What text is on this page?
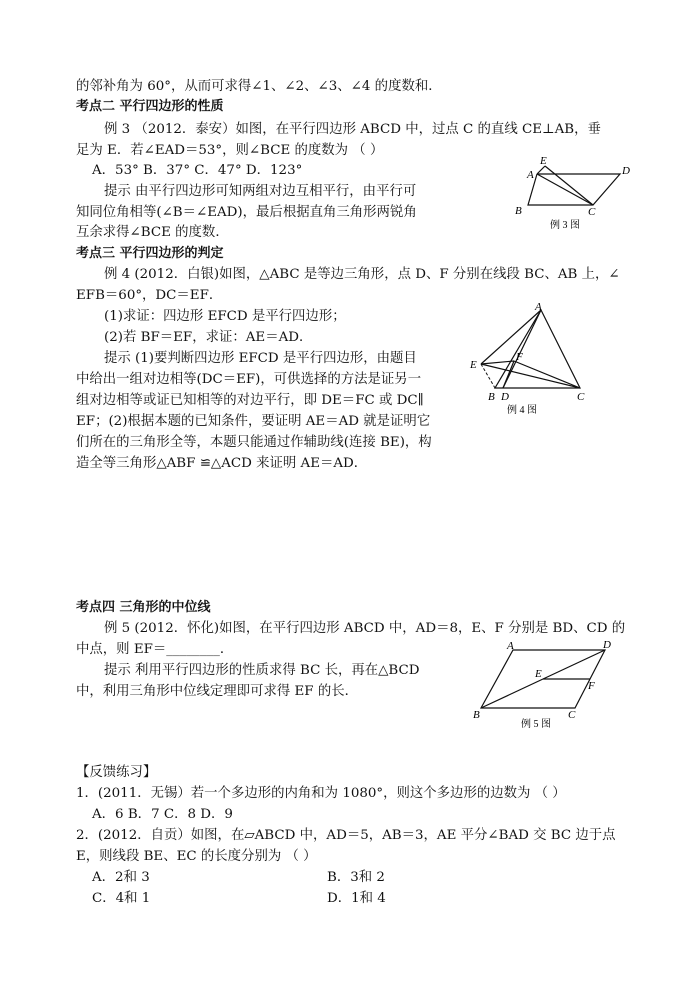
的邻补角为 60°，从而可求得∠1、∠2、∠3、∠4 的度数和．
考点二 平行四边形的性质
例 3 （2012．泰安）如图，在平行四边形 ABCD 中，过点 C 的直线 CE⊥AB，垂
足为 E．若∠EAD＝53°，则∠BCE 的度数为 （ ）
A．53° B．37° C．47° D．123°
提示 由平行四边形可知两组对边互相平行，由平行可
知同位角相等(∠B＝∠EAD)，最后根据直角三角形两锐角
互余求得∠BCE 的度数．
考点三 平行四边形的判定
例 4 (2012．白银)如图，△ABC 是等边三角形，点 D、F 分别在线段 BC、AB 上，∠
EFB＝60°，DC＝EF．
(1)求证：四边形 EFCD 是平行四边形；
(2)若 BF＝EF，求证：AE＝AD．
提示 (1)要判断四边形 EFCD 是平行四边形，由题目
中给出一组对边相等(DC＝EF)，可供选择的方法是证另一
组对边相等或证已知相等的对边平行，即 DE＝FC 或 DC∥
EF；(2)根据本题的已知条件，要证明 AE＝AD 就是证明它
们所在的三角形全等，本题只能通过作辅助线(连接 BE)，构
造全等三角形△ABF ≌△ACD 来证明 AE＝AD．
考点四 三角形的中位线
例 5 (2012．怀化)如图，在平行四边形 ABCD 中，AD＝8，E、F 分别是 BD、CD 的
中点，则 EF＝________．
提示 利用平行四边形的性质求得 BC 长，再在△BCD
中，利用三角形中位线定理即可求得 EF 的长．
【反馈练习】
1．(2011．无锡）若一个多边形的内角和为 1080°，则这个多边形的边数为 （ ）
A．6 B．7 C．8 D．9
2．(2012．自贡）如图，在▱ABCD 中，AD＝5，AB＝3，AE 平分∠BAD 交 BC 边于点
E，则线段 BE、EC 的长度分别为 （ ）
A．2和 3	B．3和 2
C．4和 1	D．1和 4
E
A	D
B	C
例 3 图
A
E
F
B D	C
例 4 图
A	D
E
F
B	C
例 5 图
